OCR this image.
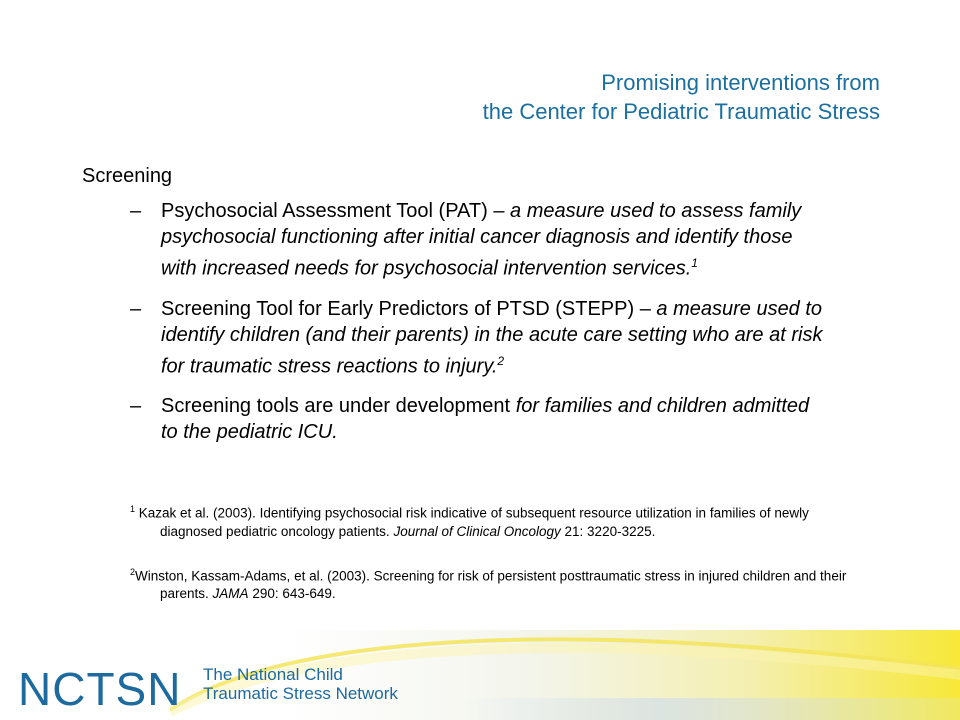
Promising interventions from
the Center for Pediatric Traumatic Stress
Screening
– Psychosocial Assessment Tool (PAT) – a measure used to assess family psychosocial functioning after initial cancer diagnosis and identify those with increased needs for psychosocial intervention services.$^1$
– Screening Tool for Early Predictors of PTSD (STEPP) – a measure used to identify children (and their parents) in the acute care setting who are at risk for traumatic stress reactions to injury.$^2$
– Screening tools are under development for families and children admitted to the pediatric ICU.
$^1$ Kazak et al. (2003). Identifying psychosocial risk indicative of subsequent resource utilization in families of newly diagnosed pediatric oncology patients. Journal of Clinical Oncology 21: 3220-3225.
$^2$Winston, Kassam-Adams, et al. (2003). Screening for risk of persistent posttraumatic stress in injured children and their parents. JAMA 290: 643-649.
NCTSN The National Child
Traumatic Stress Network
